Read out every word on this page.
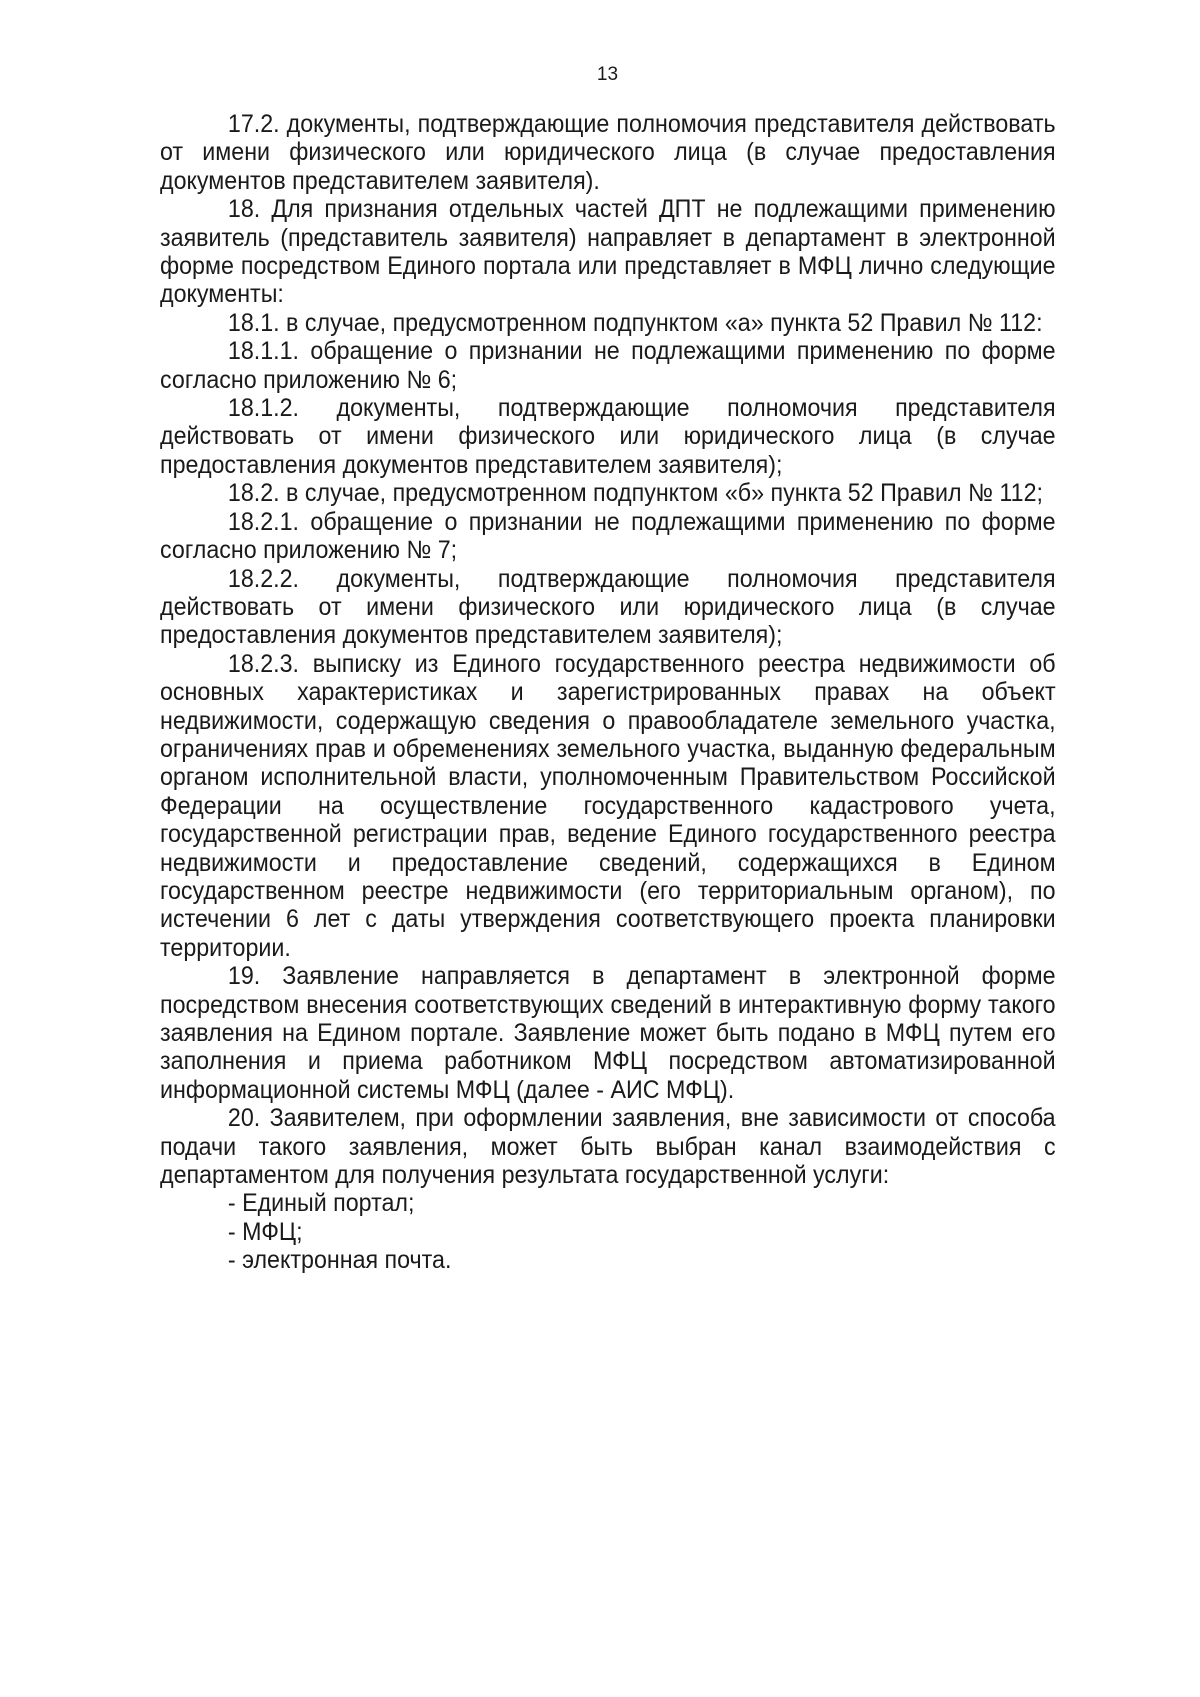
13

17.2. документы, подтверждающие полномочия представителя действовать от имени физического или юридического лица (в случае предоставления документов представителем заявителя).

18. Для признания отдельных частей ДПТ не подлежащими применению заявитель (представитель заявителя) направляет в департамент в электронной форме посредством Единого портала или представляет в МФЦ лично следующие документы:

18.1. в случае, предусмотренном подпунктом «а» пункта 52 Правил № 112:

18.1.1. обращение о признании не подлежащими применению по форме согласно приложению № 6;

18.1.2. документы, подтверждающие полномочия представителя действовать от имени физического или юридического лица (в случае предоставления документов представителем заявителя);

18.2. в случае, предусмотренном подпунктом «б» пункта 52 Правил № 112;

18.2.1. обращение о признании не подлежащими применению по форме согласно приложению № 7;

18.2.2. документы, подтверждающие полномочия представителя действовать от имени физического или юридического лица (в случае предоставления документов представителем заявителя);

18.2.3. выписку из Единого государственного реестра недвижимости об основных характеристиках и зарегистрированных правах на объект недвижимости, содержащую сведения о правообладателе земельного участка, ограничениях прав и обременениях земельного участка, выданную федеральным органом исполнительной власти, уполномоченным Правительством Российской Федерации на осуществление государственного кадастрового учета, государственной регистрации прав, ведение Единого государственного реестра недвижимости и предоставление сведений, содержащихся в Едином государственном реестре недвижимости (его территориальным органом), по истечении 6 лет с даты утверждения соответствующего проекта планировки территории.

19. Заявление направляется в департамент в электронной форме посредством внесения соответствующих сведений в интерактивную форму такого заявления на Едином портале. Заявление может быть подано в МФЦ путем его заполнения и приема работником МФЦ посредством автоматизированной информационной системы МФЦ (далее - АИС МФЦ).

20. Заявителем, при оформлении заявления, вне зависимости от способа подачи такого заявления, может быть выбран канал взаимодействия с департаментом для получения результата государственной услуги:

- Единый портал;

- МФЦ;

- электронная почта.
